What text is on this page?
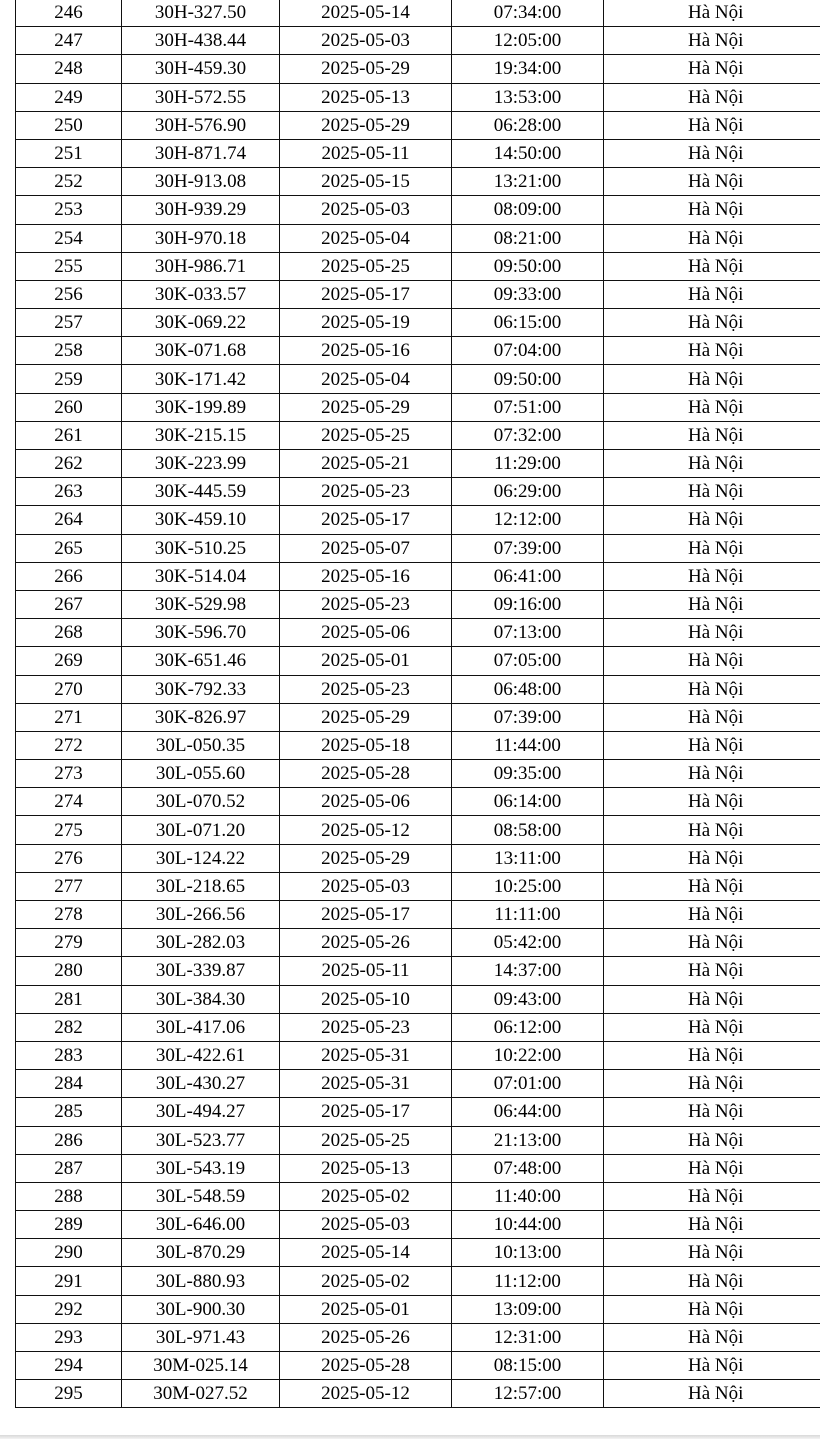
246	30H-327.50	2025-05-14	07:34:00	Hà Nội
247	30H-438.44	2025-05-03	12:05:00	Hà Nội
248	30H-459.30	2025-05-29	19:34:00	Hà Nội
249	30H-572.55	2025-05-13	13:53:00	Hà Nội
250	30H-576.90	2025-05-29	06:28:00	Hà Nội
251	30H-871.74	2025-05-11	14:50:00	Hà Nội
252	30H-913.08	2025-05-15	13:21:00	Hà Nội
253	30H-939.29	2025-05-03	08:09:00	Hà Nội
254	30H-970.18	2025-05-04	08:21:00	Hà Nội
255	30H-986.71	2025-05-25	09:50:00	Hà Nội
256	30K-033.57	2025-05-17	09:33:00	Hà Nội
257	30K-069.22	2025-05-19	06:15:00	Hà Nội
258	30K-071.68	2025-05-16	07:04:00	Hà Nội
259	30K-171.42	2025-05-04	09:50:00	Hà Nội
260	30K-199.89	2025-05-29	07:51:00	Hà Nội
261	30K-215.15	2025-05-25	07:32:00	Hà Nội
262	30K-223.99	2025-05-21	11:29:00	Hà Nội
263	30K-445.59	2025-05-23	06:29:00	Hà Nội
264	30K-459.10	2025-05-17	12:12:00	Hà Nội
265	30K-510.25	2025-05-07	07:39:00	Hà Nội
266	30K-514.04	2025-05-16	06:41:00	Hà Nội
267	30K-529.98	2025-05-23	09:16:00	Hà Nội
268	30K-596.70	2025-05-06	07:13:00	Hà Nội
269	30K-651.46	2025-05-01	07:05:00	Hà Nội
270	30K-792.33	2025-05-23	06:48:00	Hà Nội
271	30K-826.97	2025-05-29	07:39:00	Hà Nội
272	30L-050.35	2025-05-18	11:44:00	Hà Nội
273	30L-055.60	2025-05-28	09:35:00	Hà Nội
274	30L-070.52	2025-05-06	06:14:00	Hà Nội
275	30L-071.20	2025-05-12	08:58:00	Hà Nội
276	30L-124.22	2025-05-29	13:11:00	Hà Nội
277	30L-218.65	2025-05-03	10:25:00	Hà Nội
278	30L-266.56	2025-05-17	11:11:00	Hà Nội
279	30L-282.03	2025-05-26	05:42:00	Hà Nội
280	30L-339.87	2025-05-11	14:37:00	Hà Nội
281	30L-384.30	2025-05-10	09:43:00	Hà Nội
282	30L-417.06	2025-05-23	06:12:00	Hà Nội
283	30L-422.61	2025-05-31	10:22:00	Hà Nội
284	30L-430.27	2025-05-31	07:01:00	Hà Nội
285	30L-494.27	2025-05-17	06:44:00	Hà Nội
286	30L-523.77	2025-05-25	21:13:00	Hà Nội
287	30L-543.19	2025-05-13	07:48:00	Hà Nội
288	30L-548.59	2025-05-02	11:40:00	Hà Nội
289	30L-646.00	2025-05-03	10:44:00	Hà Nội
290	30L-870.29	2025-05-14	10:13:00	Hà Nội
291	30L-880.93	2025-05-02	11:12:00	Hà Nội
292	30L-900.30	2025-05-01	13:09:00	Hà Nội
293	30L-971.43	2025-05-26	12:31:00	Hà Nội
294	30M-025.14	2025-05-28	08:15:00	Hà Nội
295	30M-027.52	2025-05-12	12:57:00	Hà Nội
